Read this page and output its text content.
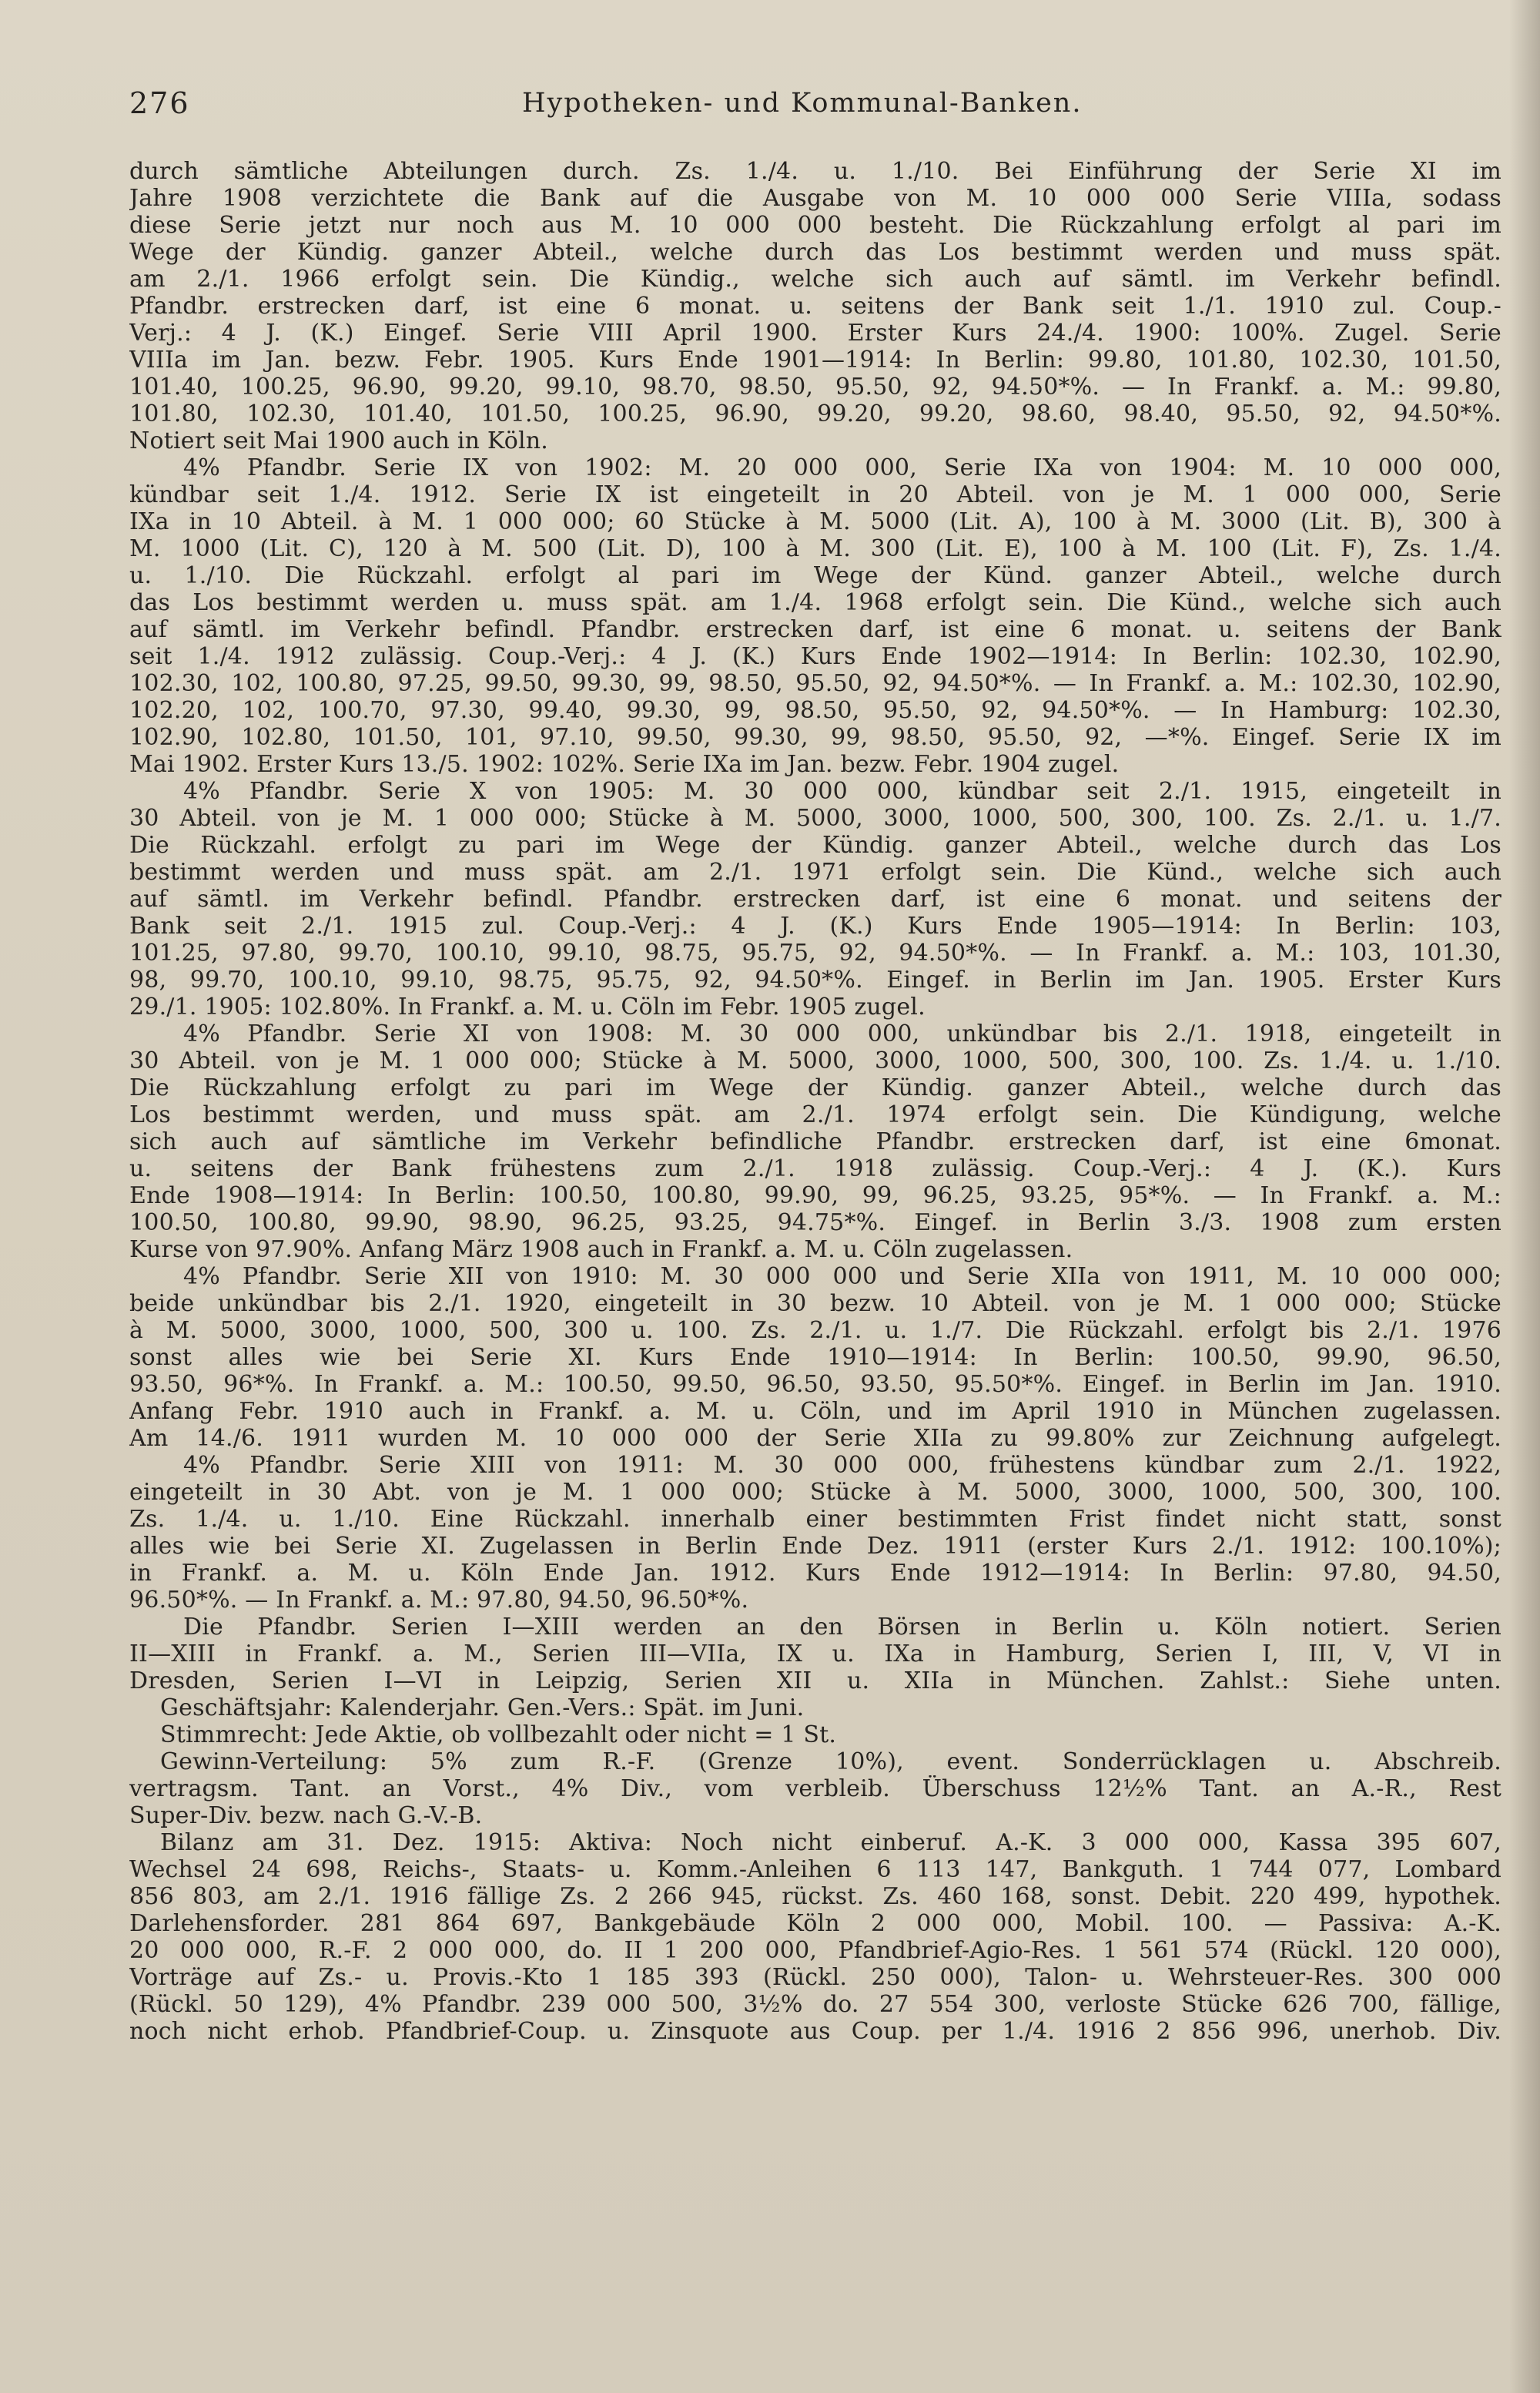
276	Hypotheken- und Kommunal-Banken.
durch sämtliche Abteilungen durch. Zs. 1./4. u. 1./10. Bei Einführung der Serie XI im
Jahre 1908 verzichtete die Bank auf die Ausgabe von M. 10 000 000 Serie VIIIa, sodass
diese Serie jetzt nur noch aus M. 10 000 000 besteht. Die Rückzahlung erfolgt al pari im
Wege der Kündig. ganzer Abteil., welche durch das Los bestimmt werden und muss spät.
am 2./1. 1966 erfolgt sein. Die Kündig., welche sich auch auf sämtl. im Verkehr befindl.
Pfandbr. erstrecken darf, ist eine 6 monat. u. seitens der Bank seit 1./1. 1910 zul. Coup.-
Verj.: 4 J. (K.) Eingef. Serie VIII April 1900. Erster Kurs 24./4. 1900: 100%. Zugel. Serie
VIIIa im Jan. bezw. Febr. 1905. Kurs Ende 1901—1914: In Berlin: 99.80, 101.80, 102.30, 101.50,
101.40, 100.25, 96.90, 99.20, 99.10, 98.70, 98.50, 95.50, 92, 94.50*%. — In Frankf. a. M.: 99.80,
101.80, 102.30, 101.40, 101.50, 100.25, 96.90, 99.20, 99.20, 98.60, 98.40, 95.50, 92, 94.50*%.
Notiert seit Mai 1900 auch in Köln.
4% Pfandbr. Serie IX von 1902: M. 20 000 000, Serie IXa von 1904: M. 10 000 000,
kündbar seit 1./4. 1912. Serie IX ist eingeteilt in 20 Abteil. von je M. 1 000 000, Serie
IXa in 10 Abteil. à M. 1 000 000; 60 Stücke à M. 5000 (Lit. A), 100 à M. 3000 (Lit. B), 300 à
M. 1000 (Lit. C), 120 à M. 500 (Lit. D), 100 à M. 300 (Lit. E), 100 à M. 100 (Lit. F), Zs. 1./4.
u. 1./10. Die Rückzahl. erfolgt al pari im Wege der Künd. ganzer Abteil., welche durch
das Los bestimmt werden u. muss spät. am 1./4. 1968 erfolgt sein. Die Künd., welche sich auch
auf sämtl. im Verkehr befindl. Pfandbr. erstrecken darf, ist eine 6 monat. u. seitens der Bank
seit 1./4. 1912 zulässig. Coup.-Verj.: 4 J. (K.) Kurs Ende 1902—1914: In Berlin: 102.30, 102.90,
102.30, 102, 100.80, 97.25, 99.50, 99.30, 99, 98.50, 95.50, 92, 94.50*%. — In Frankf. a. M.: 102.30, 102.90,
102.20, 102, 100.70, 97.30, 99.40, 99.30, 99, 98.50, 95.50, 92, 94.50*%. — In Hamburg: 102.30,
102.90, 102.80, 101.50, 101, 97.10, 99.50, 99.30, 99, 98.50, 95.50, 92, —*%. Eingef. Serie IX im
Mai 1902. Erster Kurs 13./5. 1902: 102%. Serie IXa im Jan. bezw. Febr. 1904 zugel.
4% Pfandbr. Serie X von 1905: M. 30 000 000, kündbar seit 2./1. 1915, eingeteilt in
30 Abteil. von je M. 1 000 000; Stücke à M. 5000, 3000, 1000, 500, 300, 100. Zs. 2./1. u. 1./7.
Die Rückzahl. erfolgt zu pari im Wege der Kündig. ganzer Abteil., welche durch das Los
bestimmt werden und muss spät. am 2./1. 1971 erfolgt sein. Die Künd., welche sich auch
auf sämtl. im Verkehr befindl. Pfandbr. erstrecken darf, ist eine 6 monat. und seitens der
Bank seit 2./1. 1915 zul. Coup.-Verj.: 4 J. (K.) Kurs Ende 1905—1914: In Berlin: 103,
101.25, 97.80, 99.70, 100.10, 99.10, 98.75, 95.75, 92, 94.50*%. — In Frankf. a. M.: 103, 101.30,
98, 99.70, 100.10, 99.10, 98.75, 95.75, 92, 94.50*%. Eingef. in Berlin im Jan. 1905. Erster Kurs
29./1. 1905: 102.80%. In Frankf. a. M. u. Cöln im Febr. 1905 zugel.
4% Pfandbr. Serie XI von 1908: M. 30 000 000, unkündbar bis 2./1. 1918, eingeteilt in
30 Abteil. von je M. 1 000 000; Stücke à M. 5000, 3000, 1000, 500, 300, 100. Zs. 1./4. u. 1./10.
Die Rückzahlung erfolgt zu pari im Wege der Kündig. ganzer Abteil., welche durch das
Los bestimmt werden, und muss spät. am 2./1. 1974 erfolgt sein. Die Kündigung, welche
sich auch auf sämtliche im Verkehr befindliche Pfandbr. erstrecken darf, ist eine 6monat.
u. seitens der Bank frühestens zum 2./1. 1918 zulässig. Coup.-Verj.: 4 J. (K.). Kurs
Ende 1908—1914: In Berlin: 100.50, 100.80, 99.90, 99, 96.25, 93.25, 95*%. — In Frankf. a. M.:
100.50, 100.80, 99.90, 98.90, 96.25, 93.25, 94.75*%. Eingef. in Berlin 3./3. 1908 zum ersten
Kurse von 97.90%. Anfang März 1908 auch in Frankf. a. M. u. Cöln zugelassen.
4% Pfandbr. Serie XII von 1910: M. 30 000 000 und Serie XIIa von 1911, M. 10 000 000;
beide unkündbar bis 2./1. 1920, eingeteilt in 30 bezw. 10 Abteil. von je M. 1 000 000; Stücke
à M. 5000, 3000, 1000, 500, 300 u. 100. Zs. 2./1. u. 1./7. Die Rückzahl. erfolgt bis 2./1. 1976
sonst alles wie bei Serie XI. Kurs Ende 1910—1914: In Berlin: 100.50, 99.90, 96.50,
93.50, 96*%. In Frankf. a. M.: 100.50, 99.50, 96.50, 93.50, 95.50*%. Eingef. in Berlin im Jan. 1910.
Anfang Febr. 1910 auch in Frankf. a. M. u. Cöln, und im April 1910 in München zugelassen.
Am 14./6. 1911 wurden M. 10 000 000 der Serie XIIa zu 99.80% zur Zeichnung aufgelegt.
4% Pfandbr. Serie XIII von 1911: M. 30 000 000, frühestens kündbar zum 2./1. 1922,
eingeteilt in 30 Abt. von je M. 1 000 000; Stücke à M. 5000, 3000, 1000, 500, 300, 100.
Zs. 1./4. u. 1./10. Eine Rückzahl. innerhalb einer bestimmten Frist findet nicht statt, sonst
alles wie bei Serie XI. Zugelassen in Berlin Ende Dez. 1911 (erster Kurs 2./1. 1912: 100.10%);
in Frankf. a. M. u. Köln Ende Jan. 1912. Kurs Ende 1912—1914: In Berlin: 97.80, 94.50,
96.50*%. — In Frankf. a. M.: 97.80, 94.50, 96.50*%.
Die Pfandbr. Serien I—XIII werden an den Börsen in Berlin u. Köln notiert. Serien
II—XIII in Frankf. a. M., Serien III—VIIa, IX u. IXa in Hamburg, Serien I, III, V, VI in
Dresden, Serien I—VI in Leipzig, Serien XII u. XIIa in München. Zahlst.: Siehe unten.
Geschäftsjahr: Kalenderjahr. Gen.-Vers.: Spät. im Juni.
Stimmrecht: Jede Aktie, ob vollbezahlt oder nicht = 1 St.
Gewinn-Verteilung: 5% zum R.-F. (Grenze 10%), event. Sonderrücklagen u. Abschreib.
vertragsm. Tant. an Vorst., 4% Div., vom verbleib. Überschuss 12½% Tant. an A.-R., Rest
Super-Div. bezw. nach G.-V.-B.
Bilanz am 31. Dez. 1915: Aktiva: Noch nicht einberuf. A.-K. 3 000 000, Kassa 395 607,
Wechsel 24 698, Reichs-, Staats- u. Komm.-Anleihen 6 113 147, Bankguth. 1 744 077, Lombard
856 803, am 2./1. 1916 fällige Zs. 2 266 945, rückst. Zs. 460 168, sonst. Debit. 220 499, hypothek.
Darlehensforder. 281 864 697, Bankgebäude Köln 2 000 000, Mobil. 100. — Passiva: A.-K.
20 000 000, R.-F. 2 000 000, do. II 1 200 000, Pfandbrief-Agio-Res. 1 561 574 (Rückl. 120 000),
Vorträge auf Zs.- u. Provis.-Kto 1 185 393 (Rückl. 250 000), Talon- u. Wehrsteuer-Res. 300 000
(Rückl. 50 129), 4% Pfandbr. 239 000 500, 3½% do. 27 554 300, verloste Stücke 626 700, fällige,
noch nicht erhob. Pfandbrief-Coup. u. Zinsquote aus Coup. per 1./4. 1916 2 856 996, unerhob. Div.
